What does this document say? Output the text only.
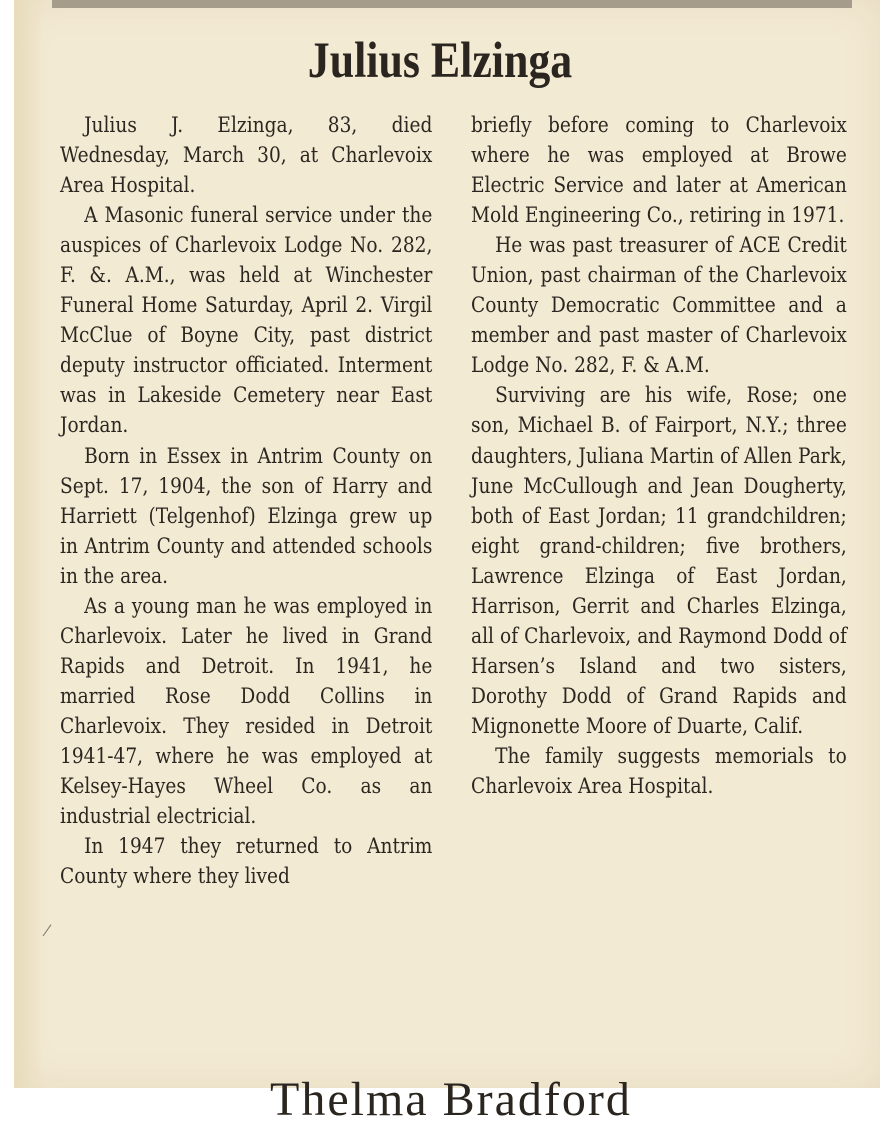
Julius Elzinga

Julius J. Elzinga, 83, died Wednesday, March 30, at Charlevoix Area Hospital.

A Masonic funeral service under the auspices of Charlevoix Lodge No. 282, F. &. A.M., was held at Winchester Funeral Home Saturday, April 2. Virgil McClue of Boyne City, past district deputy instructor officiated. Interment was in Lakeside Cemetery near East Jordan.

Born in Essex in Antrim County on Sept. 17, 1904, the son of Harry and Harriett (Telgenhof) Elzinga grew up in Antrim County and attended schools in the area.

As a young man he was employed in Charlevoix. Later he lived in Grand Rapids and Detroit. In 1941, he married Rose Dodd Collins in Charlevoix. They resided in Detroit 1941-47, where he was employed at Kelsey-Hayes Wheel Co. as an industrial electricial.

In 1947 they returned to Antrim County where they lived

briefly before coming to Charlevoix where he was employed at Browe Electric Service and later at American Mold Engineering Co., retiring in 1971.

He was past treasurer of ACE Credit Union, past chairman of the Charlevoix County Democratic Committee and a member and past master of Charlevoix Lodge No. 282, F. & A.M.

Surviving are his wife, Rose; one son, Michael B. of Fairport, N.Y.; three daughters, Juliana Martin of Allen Park, June McCullough and Jean Dougherty, both of East Jordan; 11 grandchildren; eight grand-children; five brothers, Lawrence Elzinga of East Jordan, Harrison, Gerrit and Charles Elzinga, all of Charlevoix, and Raymond Dodd of Harsen’s Island and two sisters, Dorothy Dodd of Grand Rapids and Mignonette Moore of Duarte, Calif.

The family suggests memorials to Charlevoix Area Hospital.

Thelma Bradford
